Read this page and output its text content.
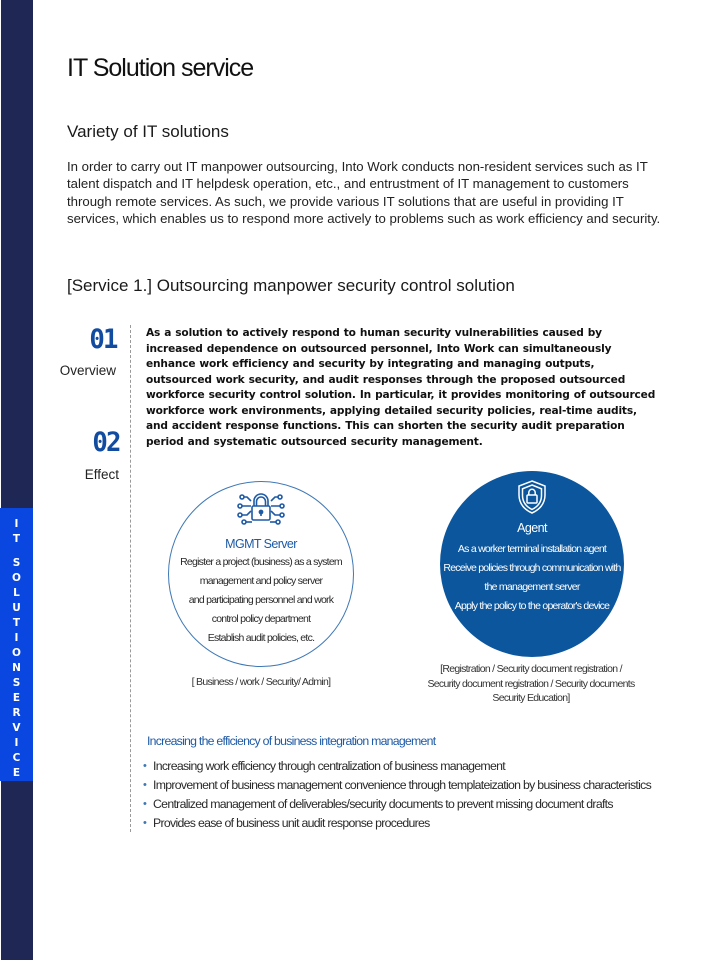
I
T
S
O
L
U
T
I
O
N
S
E
R
V
I
C
E
IT Solution service
Variety of IT solutions

In order to carry out IT manpower outsourcing, Into Work conducts non-resident services such as IT talent dispatch and IT helpdesk operation, etc., and entrustment of IT management to customers through remote services. As such, we provide various IT solutions that are useful in providing IT services, which enables us to respond more actively to problems such as work efficiency and security.

[Service 1.] Outsourcing manpower security control solution
01
Overview
02
Effect

As a solution to actively respond to human security vulnerabilities caused by increased dependence on outsourced personnel, Into Work can simultaneously enhance work efficiency and security by integrating and managing outputs, outsourced work security, and audit responses through the proposed outsourced workforce security control solution. In particular, it provides monitoring of outsourced workforce work environments, applying detailed security policies, real-time audits, and accident response functions. This can shorten the security audit preparation period and systematic outsourced security management.

MGMT Server
Register a project (business) as a system
management and policy server
and participating personnel and work
control policy department
Establish audit policies, etc.
[ Business / work / Security/ Admin]
Agent
As a worker terminal installation agent
Receive policies through communication with
the management server
Apply the policy to the operator's device
[Registration / Security document registration /
Security document registration / Security documents
Security Education]
Increasing the efficiency of business integration management
• Increasing work efficiency through centralization of business management
• Improvement of business management convenience through templateization by business characteristics
• Centralized management of deliverables/security documents to prevent missing document drafts
• Provides ease of business unit audit response procedures
